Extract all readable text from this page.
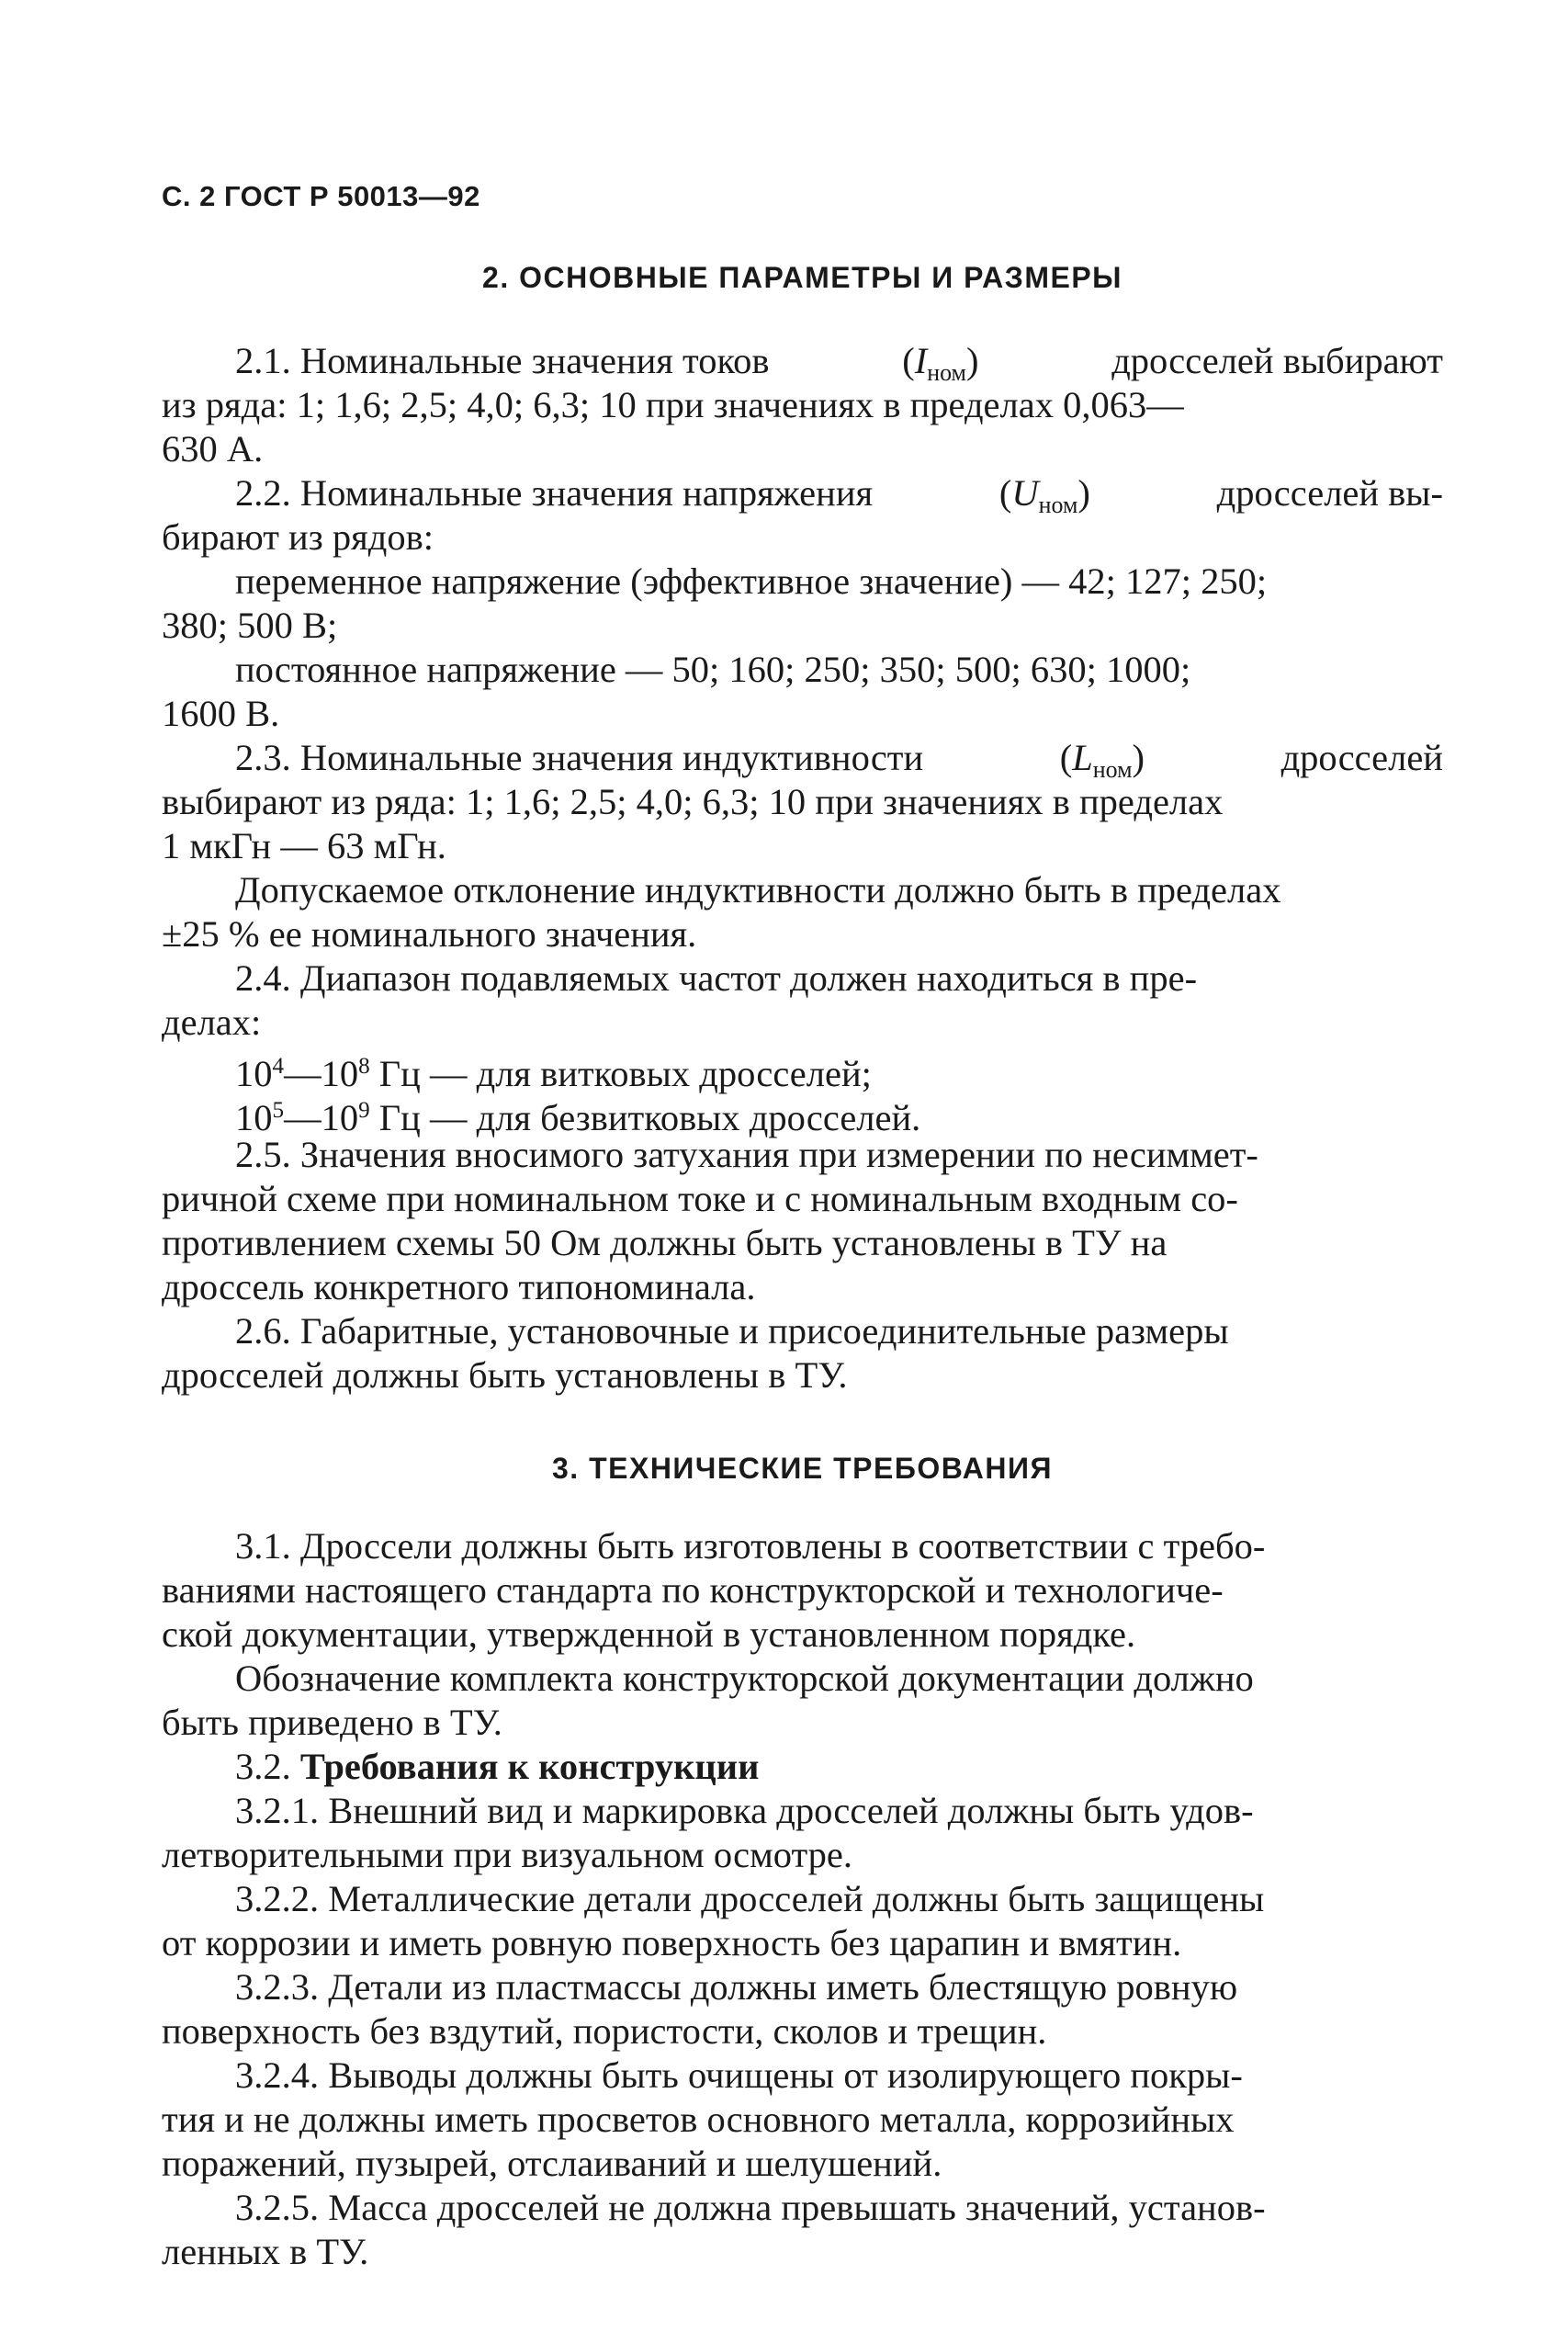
С. 2 ГОСТ Р 50013—92
2. ОСНОВНЫЕ ПАРАМЕТРЫ И РАЗМЕРЫ
2.1. Номинальные значения токов	$(I_{ном})$	дросселей выбирают
из ряда: 1; 1,6; 2,5; 4,0; 6,3; 10 при значениях в пределах 0,063—
630 А.
2.2. Номинальные значения напряжения	$(U_{ном})$	дросселей вы-
бирают из рядов:
переменное напряжение (эффективное значение) — 42; 127; 250;
380; 500 В;
постоянное напряжение — 50; 160; 250; 350; 500; 630; 1000;
1600 В.
2.3. Номинальные значения индуктивности	$(L_{ном})$	дросселей
выбирают из ряда: 1; 1,6; 2,5; 4,0; 6,3; 10 при значениях в пределах
1 мкГн — 63 мГн.
Допускаемое отклонение индуктивности должно быть в пределах
±25 % ее номинального значения.
2.4. Диапазон подавляемых частот должен находиться в пре-
делах:
$10^4—10^8$ Гц — для витковых дросселей;
$10^5—10^9$ Гц — для безвитковых дросселей.
2.5. Значения вносимого затухания при измерении по несиммет-
ричной схеме при номинальном токе и с номинальным входным со-
противлением схемы 50 Ом должны быть установлены в ТУ на
дроссель конкретного типономинала.
2.6. Габаритные, установочные и присоединительные размеры
дросселей должны быть установлены в ТУ.
3. ТЕХНИЧЕСКИЕ ТРЕБОВАНИЯ
3.1. Дроссели должны быть изготовлены в соответствии с требо-
ваниями настоящего стандарта по конструкторской и технологиче-
ской документации, утвержденной в установленном порядке.
Обозначение комплекта конструкторской документации должно
быть приведено в ТУ.
3.2. Требования к конструкции
3.2.1. Внешний вид и маркировка дросселей должны быть удов-
летворительными при визуальном осмотре.
3.2.2. Металлические детали дросселей должны быть защищены
от коррозии и иметь ровную поверхность без царапин и вмятин.
3.2.3. Детали из пластмассы должны иметь блестящую ровную
поверхность без вздутий, пористости, сколов и трещин.
3.2.4. Выводы должны быть очищены от изолирующего покры-
тия и не должны иметь просветов основного металла, коррозийных
поражений, пузырей, отслаиваний и шелушений.
3.2.5. Масса дросселей не должна превышать значений, установ-
ленных в ТУ.
